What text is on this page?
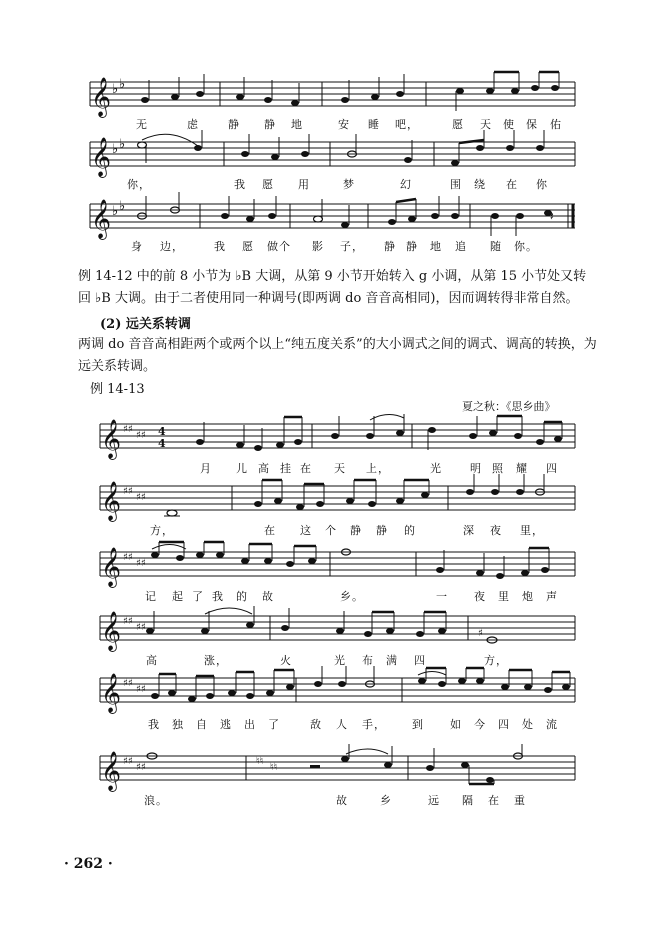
𝄞 ♭ ♭
无	虑	静 静 地	安 睡 吧，	愿 天 使 保 佑
𝄞 ♭ ♭
你，	我 愿 用	梦	幻	围 绕 在 你
𝄞 ♭ ♭
𝄽
身 边，	我 愿 做个 影 子， 静 静 地 追 随 你。
例 14-12 中的前 8 小节为 ♭B 大调，从第 9 小节开始转入 g 小调，从第 15 小节处又转回 ♭B 大调。由于二者使用同一种调号(即两调 do 音音高相同)，因而调转得非常自然。
(2) 远关系转调
两调 do 音音高相距两个或两个以上“纯五度关系”的大小调式之间的调式、调高的转换，为远关系转调。
例 14-13
夏之秋：《思乡曲》
𝄞 ♯♯
♯♯ 4
4
月 儿 高 挂 在 天 上，	光	明 照 耀 四
𝄞 ♯♯
♯♯
方，	在 这 个 静 静 的	深 夜 里，
𝄞 ♯♯
♯♯
记 起 了 我 的 故	乡。	一 夜 里 炮 声
𝄞 ♯♯
♯♯
♯
高	涨，	火	光 布 满 四	方，
𝄞 ♯♯
♯♯
我 独 自 逃 出 了	敌 人 手， 到 如 今 四 处 流
𝄞 ♯♯
♯♯
♮♮
♮♮
浪。	故	乡	远 隔 在 重
· 262 ·
